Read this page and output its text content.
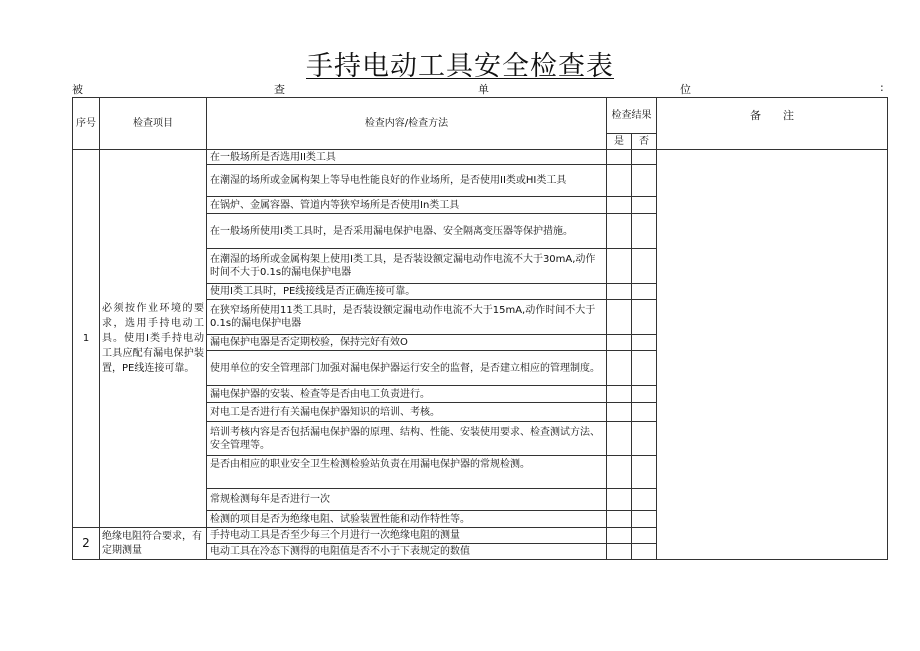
手持电动工具安全检查表
被	查	单	位	:
序号	检查项目	检查内容/检查方法	检查结果		备　　注
			是	否	
1	必须按作业环境的要求，选用手持电动工具。使用I类手持电动工具应配有漏电保护装置，PE线连接可靠。	在一般场所是否选用II类工具			
		在潮湿的场所或金属构架上等导电性能良好的作业场所，是否使用II类或HI类工具			
		在锅炉、金属容器、管道内等狭窄场所是否使用In类工具			
		在一般场所使用I类工具时，是否采用漏电保护电器、安全隔离变压器等保护措施。			
		在潮湿的场所或金属构架上使用I类工具，是否装设额定漏电动作电流不大于30mA,动作时间不大于0.1s的漏电保护电器			
		使用I类工具时，PE线接线是否正确连接可靠。			
		在狭窄场所使用11类工具时，是否装设额定漏电动作电流不大于15mA,动作时间不大于0.1s的漏电保护电器			
		漏电保护电器是否定期校验，保持完好有效O			
		使用单位的安全管理部门加强对漏电保护器运行安全的监督，是否建立相应的管理制度。			
		漏电保护器的安装、检查等是否由电工负责进行。			
		对电工是否进行有关漏电保护器知识的培训、考核。			
		培训考核内容是否包括漏电保护器的原理、结构、性能、安装使用要求、检查测试方法、安全管理等。			
		是否由相应的职业安全卫生检测检验站负责在用漏电保护器的常规检测。			
		常规检测每年是否进行一次			
		检测的项目是否为绝缘电阻、试验装置性能和动作特性等。			
2	绝缘电阻符合要求，有定期测量	手持电动工具是否至少每三个月进行一次绝缘电阻的测量			
		电动工具在冷态下测得的电阻值是否不小于下表规定的数值			
